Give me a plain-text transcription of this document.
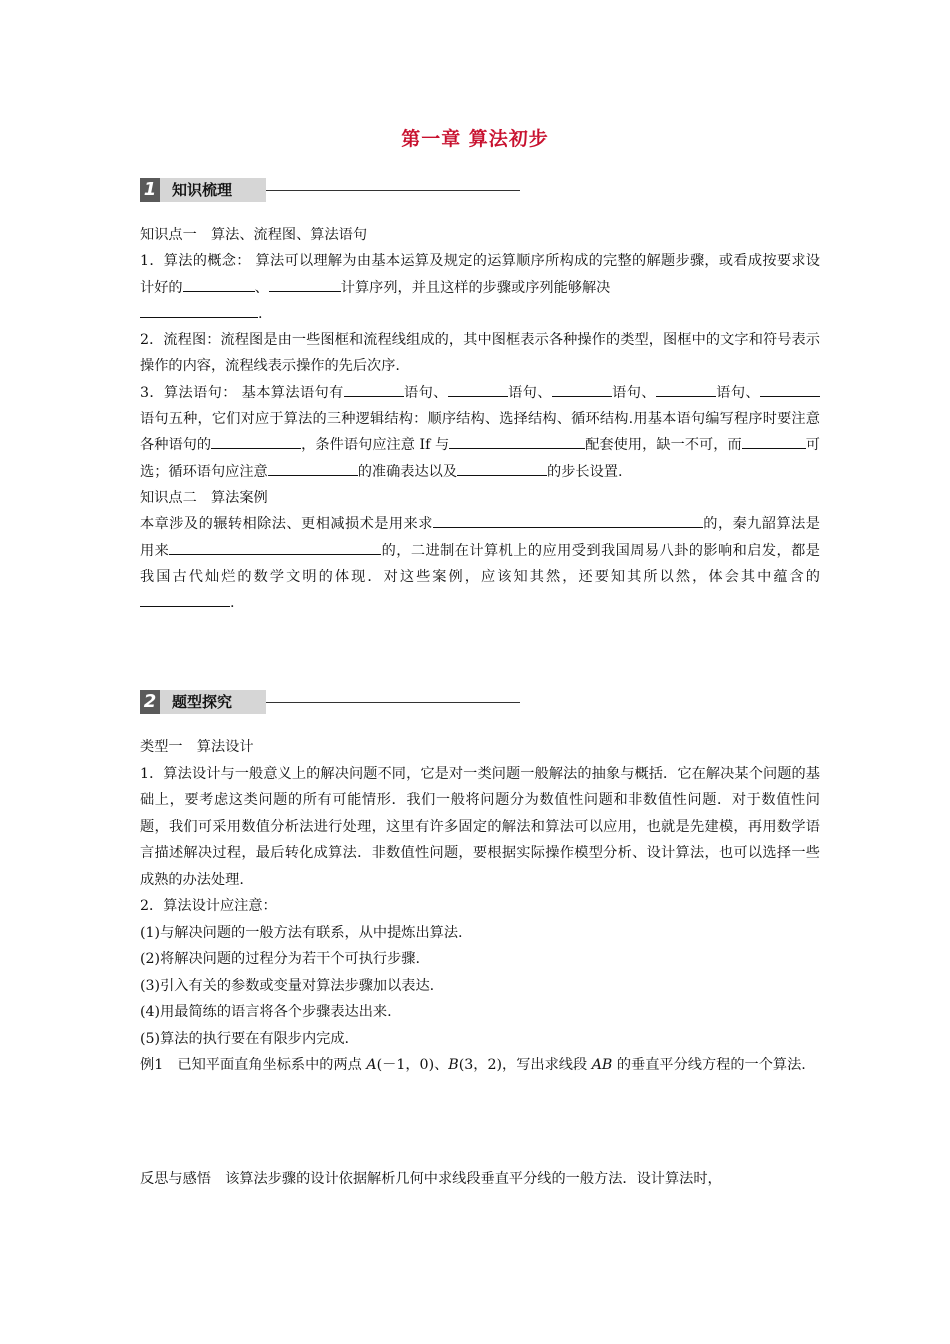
第一章 算法初步
1 知识梳理

知识点一　算法、流程图、算法语句

1．算法的概念： 算法可以理解为由基本运算及规定的运算顺序所构成的完整的解题步骤，或看成按要求设计好的	、	计算序列，并且这样的步骤或序列能够解决
.

2．流程图：流程图是由一些图框和流程线组成的，其中图框表示各种操作的类型，图框中的文字和符号表示操作的内容，流程线表示操作的先后次序.

3．算法语句： 基本算法语句有	语句、	语句、	语句、	语句、语句五种，它们对应于算法的三种逻辑结构：顺序结构、选择结构、循环结构.用基本语句编写程序时要注意各种语句的	，条件语句应注意 If 与	配套使用，缺一不可，而	可选；循环语句应注意	的准确表达以及	的步长设置.

知识点二　算法案例

本章涉及的辗转相除法、更相减损术是用来求	的，秦九韶算法是用来	的，二进制在计算机上的应用受到我国周易八卦的影响和启发，都是我国古代灿烂的数学文明的体现．对这些案例，应该知其然，还要知其所以然，体会其中蕴含的.

2 题型探究

类型一　算法设计

1．算法设计与一般意义上的解决问题不同，它是对一类问题一般解法的抽象与概括．它在解决某个问题的基础上，要考虑这类问题的所有可能情形．我们一般将问题分为数值性问题和非数值性问题．对于数值性问题，我们可采用数值分析法进行处理，这里有许多固定的解法和算法可以应用，也就是先建模，再用数学语言描述解决过程，最后转化成算法．非数值性问题，要根据实际操作模型分析、设计算法，也可以选择一些成熟的办法处理.

2．算法设计应注意：

(1)与解决问题的一般方法有联系，从中提炼出算法.

(2)将解决问题的过程分为若干个可执行步骤.

(3)引入有关的参数或变量对算法步骤加以表达.

(4)用最简练的语言将各个步骤表达出来.

(5)算法的执行要在有限步内完成.

例1　已知平面直角坐标系中的两点 A(－1，0)、B(3，2)，写出求线段 AB 的垂直平分线方程的一个算法.

反思与感悟　该算法步骤的设计依据解析几何中求线段垂直平分线的一般方法．设计算法时，
